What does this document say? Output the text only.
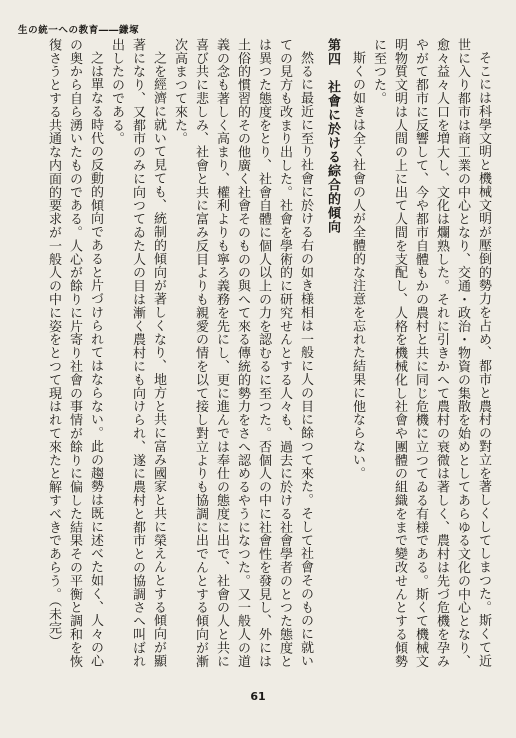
生の統一への教育――鎌塚

そこには科學文明と機械文明が壓倒的勢力を占め、都市と農村の對立を著しくしてしまつた。斯くて近世に入り都市は商工業の中心となり、交通・政治・物資の集散を始めとしてあらゆる文化の中心となり、愈々益々人口を増大し、文化は爛熟した。それに引きかへて農村の衰微は著しく、農村は先づ危機を孕みやがて都市に反響して、今や都市自體もかの農村と共に同じ危機に立つてゐる有様である。斯くて機械文明物質文明は人間の上に出て人間を支配し、人格を機械化し社會や團體の組織をまで變改せんとする傾勢に至つた。

斯くの如きは全く社會の人が全體的な注意を忘れた結果に他ならない。

第四　社會に於ける綜合的傾向

然るに最近に至り社會に於ける右の如き様相は一般に人の目に餘つて來た。そして社會そのものに就いての見方も改まり出した。社會を學術的に研究せんとする人々も、過去に於ける社會學者のとつた態度とは異つた態度をとり、社會自體に個人以上の力を認むるに至つた。否個人の中に社會性を發見し、外には土俗的慣習的その他廣く社會そのものの與へて來る傳統的勢力をさへ認めるやうになつた。又一般人の道義の念も著しく高まり、權利よりも寧ろ義務を先にし、更に進んでは奉仕の態度に出で、社會の人と共に喜び共に悲しみ、社會と共に富み反目よりも親愛の情を以て接し對立よりも協調に出でんとする傾向が漸次高まつて來た。

之を經濟に就いて見ても、統制的傾向が著しくなり、地方と共に富み國家と共に榮えんとする傾向が顯著になり、又都市のみに向つてゐた人の目は漸く農村にも向けられ、遂に農村と都市との協調さへ叫ばれ出したのである。

之は單なる時代の反動的傾向であると片づけられてはならない。此の趨勢は既に述べた如く、人々の心の奥から自ら湧いたものである。人心が餘りに片寄り社會の事情が餘りに偏した結果その平衡と調和を恢復さうとする共通な内面的要求が一般人の中に姿をとつて現はれて來たと解すべきであらう。（未完）

61
